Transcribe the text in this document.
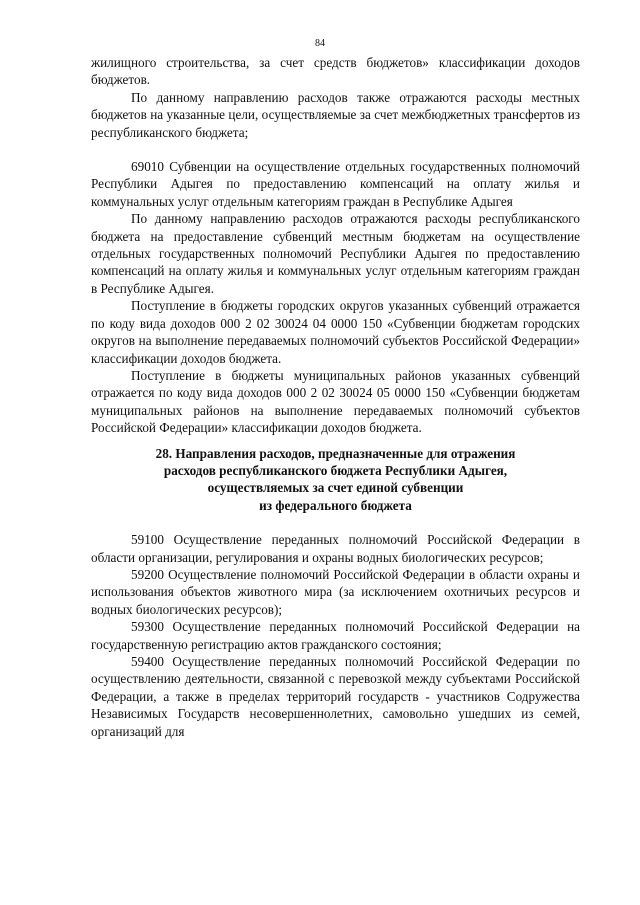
84

жилищного строительства, за счет средств бюджетов» классификации доходов бюджетов.

По данному направлению расходов также отражаются расходы местных бюджетов на указанные цели, осуществляемые за счет межбюджетных трансфертов из республиканского бюджета;

69010 Субвенции на осуществление отдельных государственных полномочий Республики Адыгея по предоставлению компенсаций на оплату жилья и коммунальных услуг отдельным категориям граждан в Республике Адыгея

По данному направлению расходов отражаются расходы республиканского бюджета на предоставление субвенций местным бюджетам на осуществление отдельных государственных полномочий Республики Адыгея по предоставлению компенсаций на оплату жилья и коммунальных услуг отдельным категориям граждан в Республике Адыгея.

Поступление в бюджеты городских округов указанных субвенций отражается по коду вида доходов 000 2 02 30024 04 0000 150 «Субвенции бюджетам городских округов на выполнение передаваемых полномочий субъектов Российской Федерации» классификации доходов бюджета.

Поступление в бюджеты муниципальных районов указанных субвенций отражается по коду вида доходов 000 2 02 30024 05 0000 150 «Субвенции бюджетам муниципальных районов на выполнение передаваемых полномочий субъектов Российской Федерации» классификации доходов бюджета.

28. Направления расходов, предназначенные для отражения
расходов республиканского бюджета Республики Адыгея,
осуществляемых за счет единой субвенции
из федерального бюджета

59100 Осуществление переданных полномочий Российской Федерации в области организации, регулирования и охраны водных биологических ресурсов;

59200 Осуществление полномочий Российской Федерации в области охраны и использования объектов животного мира (за исключением охотничьих ресурсов и водных биологических ресурсов);

59300 Осуществление переданных полномочий Российской Федерации на государственную регистрацию актов гражданского состояния;

59400 Осуществление переданных полномочий Российской Федерации по осуществлению деятельности, связанной с перевозкой между субъектами Российской Федерации, а также в пределах территорий государств - участников Содружества Независимых Государств несовершеннолетних, самовольно ушедших из семей, организаций для
